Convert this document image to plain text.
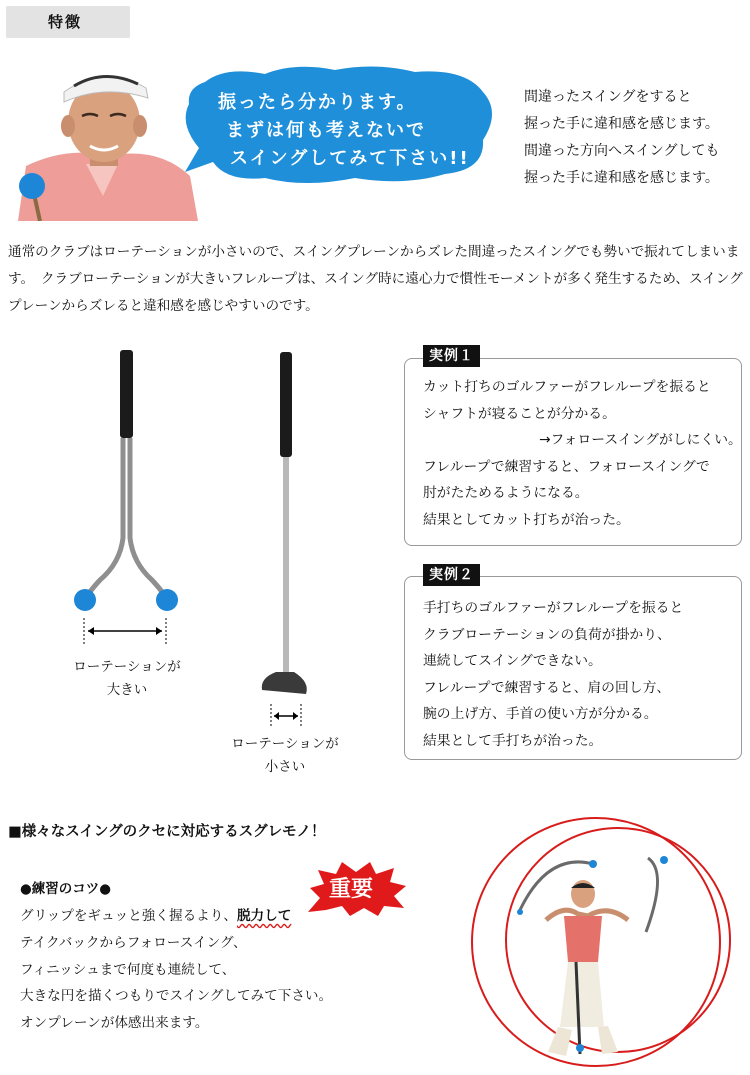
特徴
振ったら分かります。
まずは何も考えないで
スイングしてみて下さい!!
間違ったスイングをすると
握った手に違和感を感じます。
間違った方向へスイングしても
握った手に違和感を感じます。
通常のクラブはローテーションが小さいので、スイングプレーンからズレた間違ったスイングでも勢いで振れてしまいます。　クラブローテーションが大きいフレループは、スイング時に遠心力で慣性モーメントが多く発生するため、スイングプレーンからズレると違和感を感じやすいのです。
ローテーションが
大きい
ローテーションが
小さい
実例１
カット打ちのゴルファーがフレループを振ると
シャフトが寝ることが分かる。
→フォロースイングがしにくい。
フレループで練習すると、フォロースイングで
肘がたためるようになる。
結果としてカット打ちが治った。
実例２
手打ちのゴルファーがフレループを振ると
クラブローテーションの負荷が掛かり、
連続してスイングできない。
フレループで練習すると、肩の回し方、
腕の上げ方、手首の使い方が分かる。
結果として手打ちが治った。
■様々なスイングのクセに対応するスグレモノ！
●練習のコツ●
グリップをギュッと強く握るより、脱力して
テイクバックからフォロースイング、
フィニッシュまで何度も連続して、
大きな円を描くつもりでスイングしてみて下さい。
オンプレーンが体感出来ます。
重要
